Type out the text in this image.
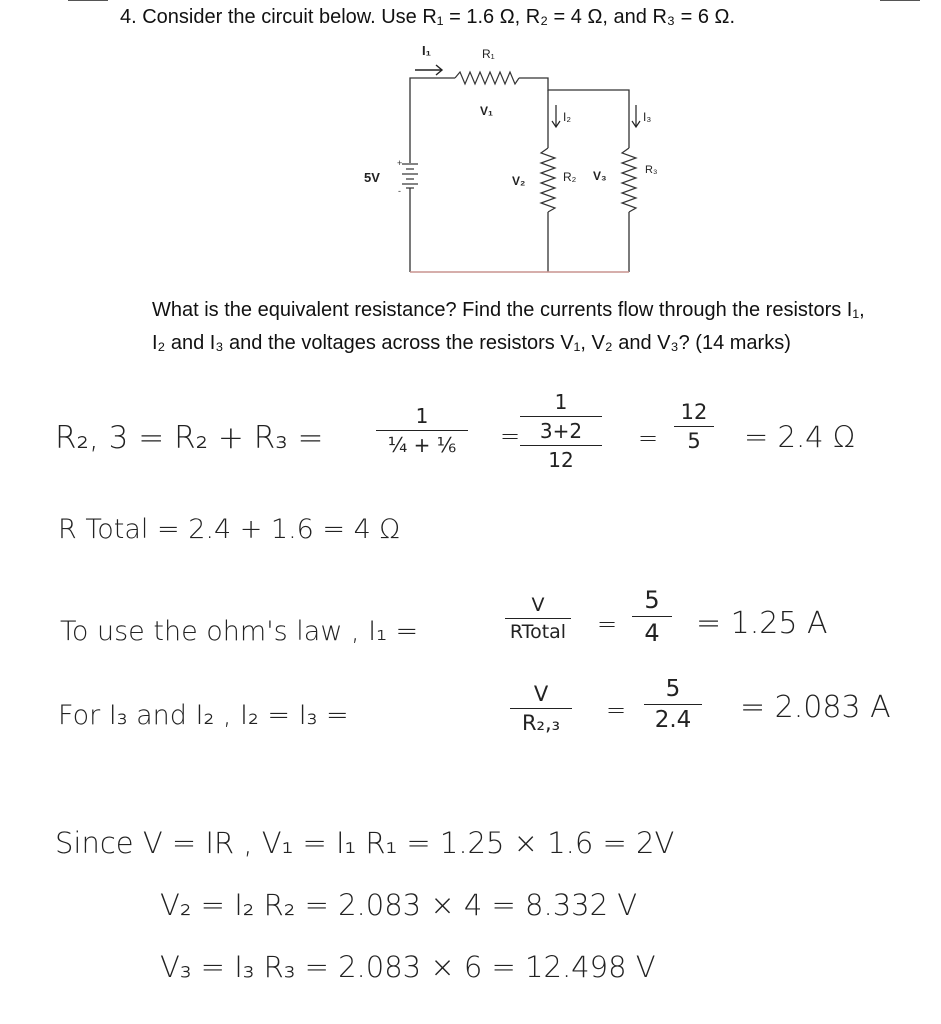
4. Consider the circuit below. Use R₁ = 1.6 Ω, R₂ = 4 Ω, and R₃ = 6 Ω.
+
-
I₁	R₁
V₁	I₂	I₃
5V	V₂	R₂ V₃	R₃
What is the equivalent resistance? Find the currents flow through the resistors I₁, I₂ and I₃ and the voltages across the resistors V₁, V₂ and V₃? (14 marks)
R₂, 3 = R₂ + R₃ =
1
¼ + ⅙	=
1
3+2
12
=
12
5	= 2.4 Ω
R Total = 2.4 + 1.6 = 4 Ω
To use the ohm's law , I₁ =
V
RTotal =
5
4	= 1.25 A
For I₃ and I₂ , I₂ = I₃ =
V
R₂,₃	=
5
2.4	= 2.083 A
Since V = IR , V₁ = I₁ R₁ = 1.25 × 1.6 = 2V
V₂ = I₂ R₂ = 2.083 × 4 = 8.332 V
V₃ = I₃ R₃ = 2.083 × 6 = 12.498 V
